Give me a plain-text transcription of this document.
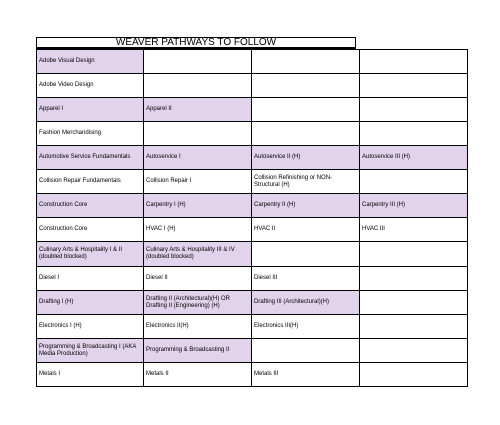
WEAVER PATHWAYS TO FOLLOW
Adobe Visual Design			
Adobe Video Design			
Apparel I	Apparel II		
Fashion Merchandising			
Automotive Service Fundamentals	Autoservice I	Autoservice II (H)	Autoservice III (H)
Collision Repair Fundamentals	Collision Repair I	Collision Refinishing or NON-Structural (H)	
Construction Core	Carpentry I (H)	Carpentry II (H)	Carpentry III (H)
Construction Core	HVAC I (H)	HVAC II	HVAC III
Culinary Arts & Hospitality I & II (doubled blocked)	Culinary Arts & Hospitality III & IV (doubled blocked)		
Diesel I	Diesel II	Diesel III	
Drafting I (H)	Drafting II (Architectural)(H) OR Drafting II (Engineering) (H)	Drafting III (Architectural)(H)	
Electronics I (H)	Electronics II(H)	Electronics III(H)	
Programming & Broadcasting I (AKA Media Production)	Programming & Broadcasting II		
Metals I	Metals II	Metals III	
